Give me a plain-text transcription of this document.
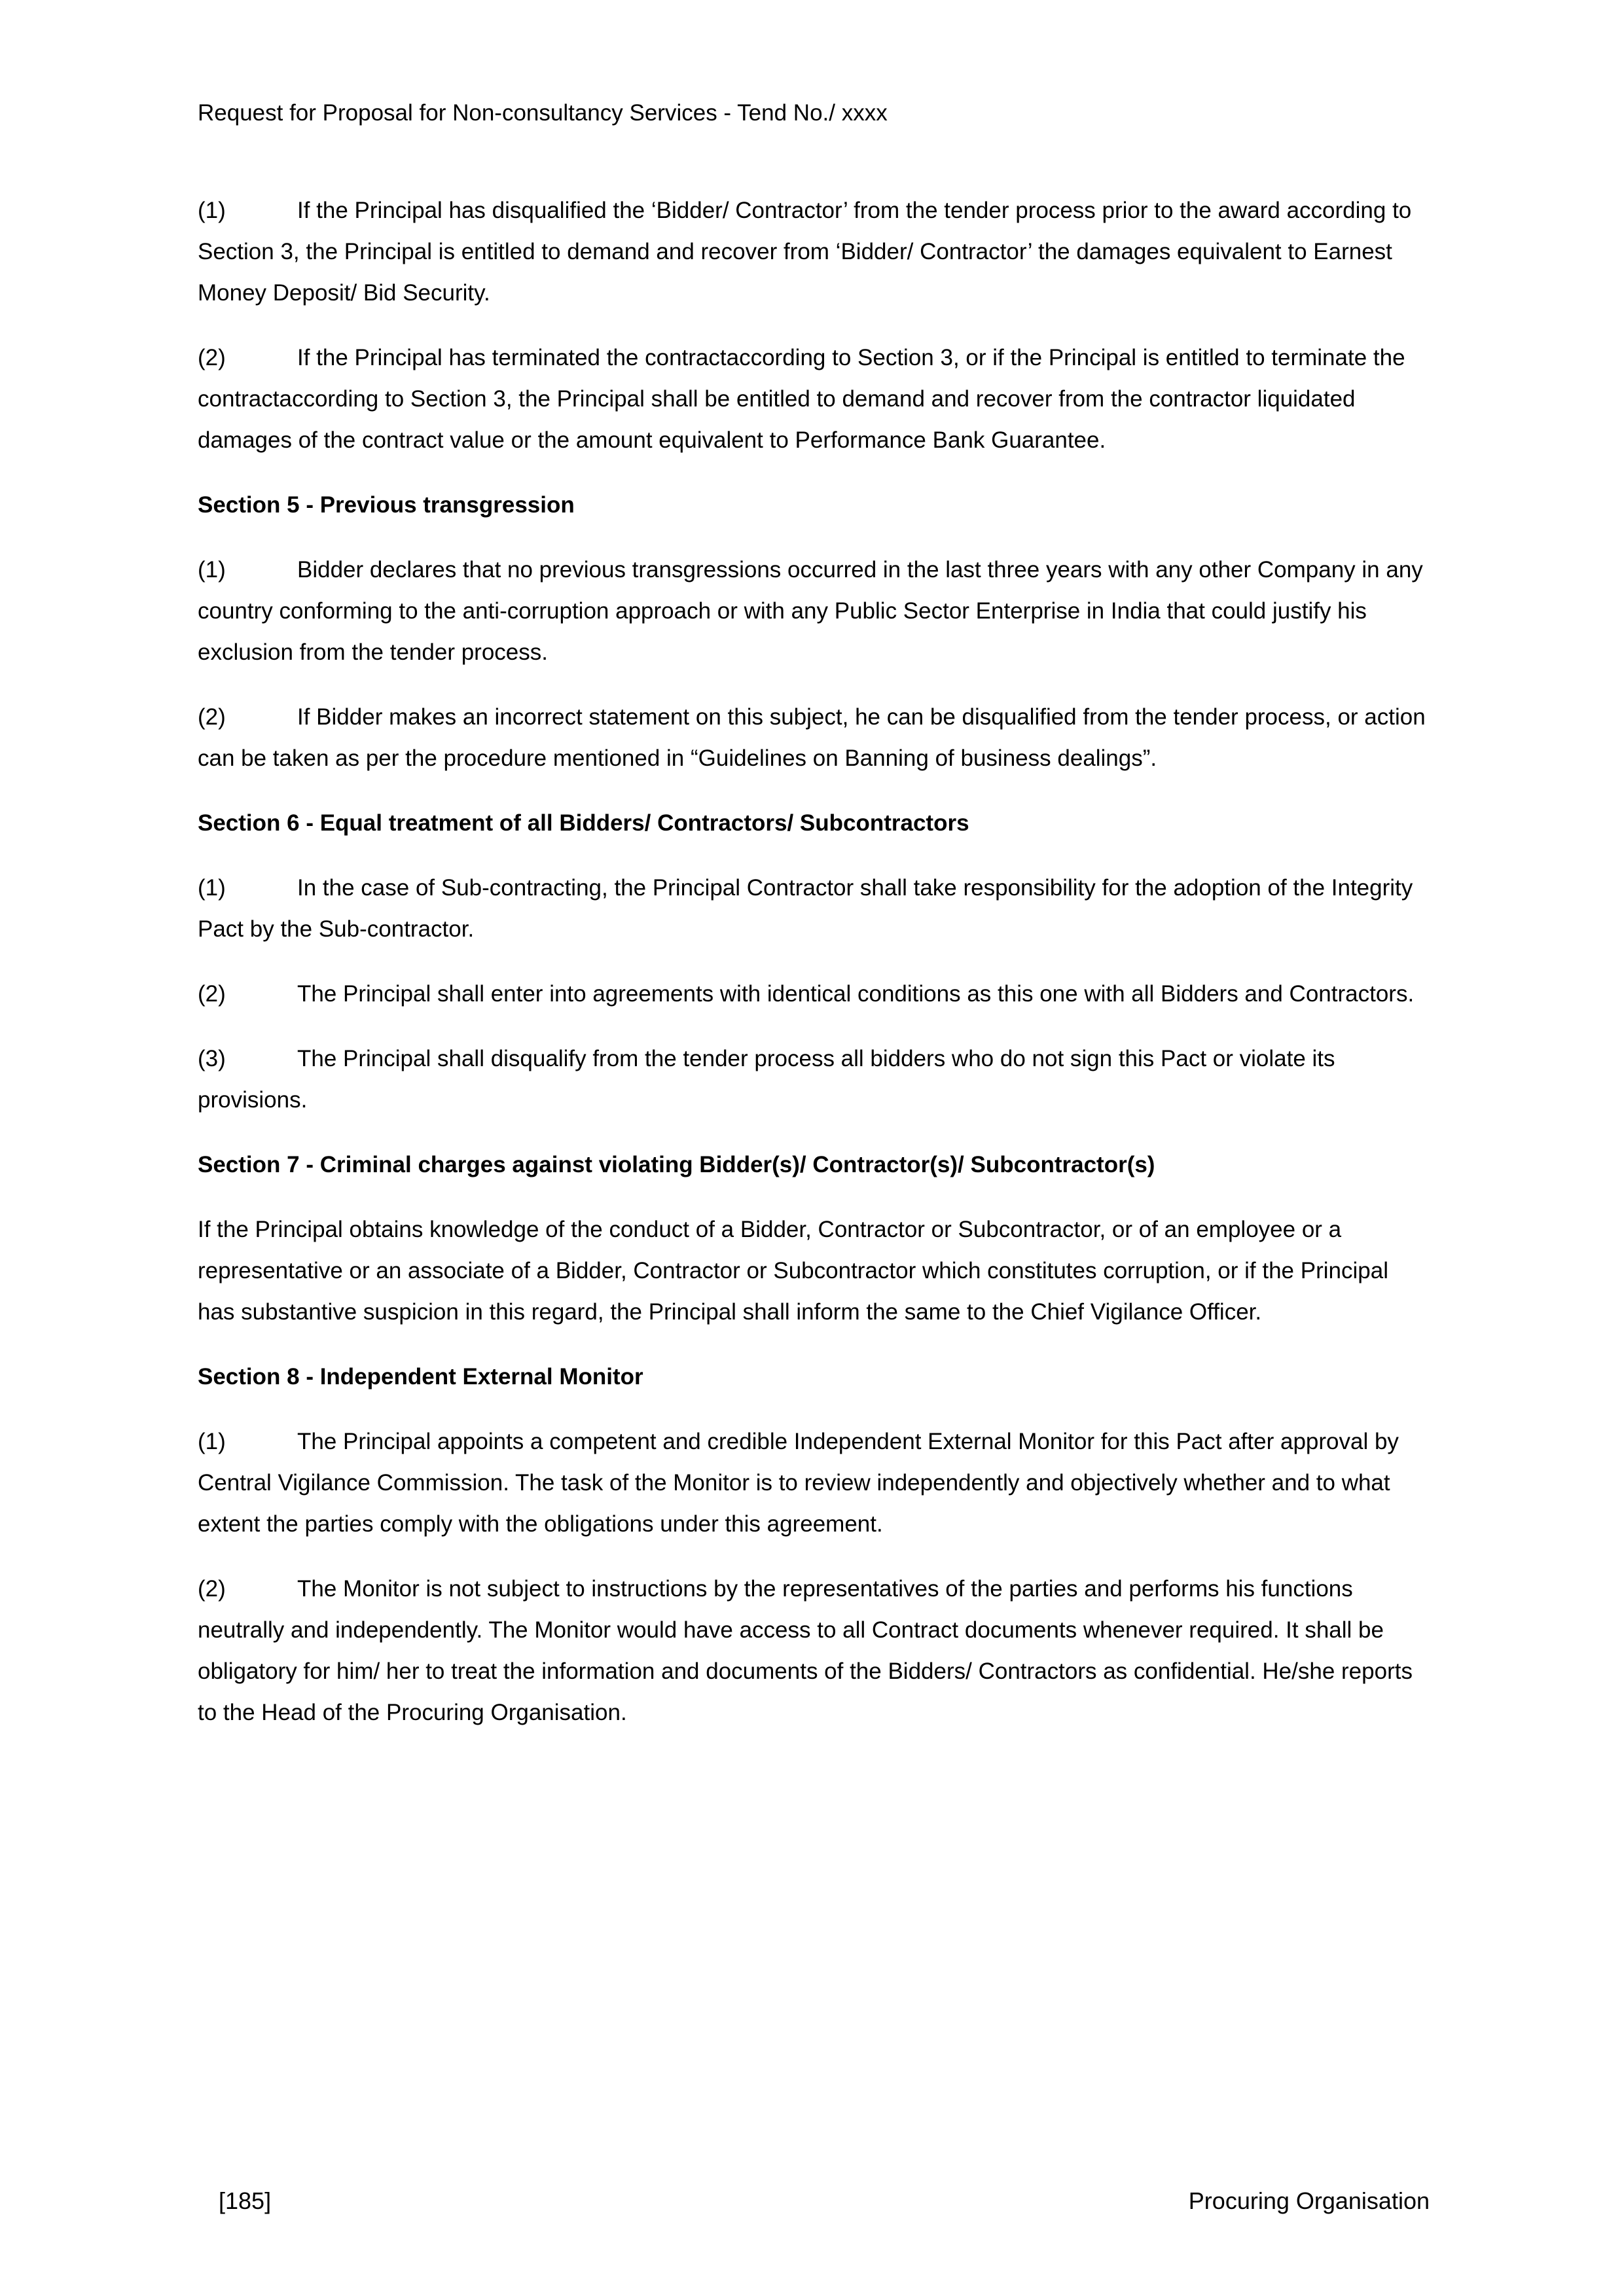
Request for Proposal for Non-consultancy Services - Tend No./ xxxx

(1)	If the Principal has disqualified the ‘Bidder/ Contractor’ from the tender process prior to the award according to Section 3, the Principal is entitled to demand and recover from ‘Bidder/ Contractor’ the damages equivalent to Earnest Money Deposit/ Bid Security.

(2)	If the Principal has terminated the contractaccording to Section 3, or if the Principal is entitled to terminate the contractaccording to Section 3, the Principal shall be entitled to demand and recover from the contractor liquidated damages of the contract value or the amount equivalent to Performance Bank Guarantee.

Section 5 - Previous transgression

(1)	Bidder declares that no previous transgressions occurred in the last three years with any other Company in any country conforming to the anti-corruption approach or with any Public Sector Enterprise in India that could justify his exclusion from the tender process.

(2)	If Bidder makes an incorrect statement on this subject, he can be disqualified from the tender process, or action can be taken as per the procedure mentioned in “Guidelines on Banning of business dealings”.

Section 6 - Equal treatment of all Bidders/ Contractors/ Subcontractors

(1)	In the case of Sub-contracting, the Principal Contractor shall take responsibility for the adoption of the Integrity Pact by the Sub-contractor.

(2)	The Principal shall enter into agreements with identical conditions as this one with all Bidders and Contractors.

(3)	The Principal shall disqualify from the tender process all bidders who do not sign this Pact or violate its provisions.

Section 7 - Criminal charges against violating Bidder(s)/ Contractor(s)/ Subcontractor(s)

If the Principal obtains knowledge of the conduct of a Bidder, Contractor or Subcontractor, or of an employee or a representative or an associate of a Bidder, Contractor or Subcontractor which constitutes corruption, or if the Principal has substantive suspicion in this regard, the Principal shall inform the same to the Chief Vigilance Officer.

Section 8 - Independent External Monitor

(1)	The Principal appoints a competent and credible Independent External Monitor for this Pact after approval by Central Vigilance Commission. The task of the Monitor is to review independently and objectively whether and to what extent the parties comply with the obligations under this agreement.

(2)	The Monitor is not subject to instructions by the representatives of the parties and performs his functions neutrally and independently. The Monitor would have access to all Contract documents whenever required. It shall be obligatory for him/ her to treat the information and documents of the Bidders/ Contractors as confidential. He/she reports to the Head of the Procuring Organisation.

[185]	Procuring Organisation
